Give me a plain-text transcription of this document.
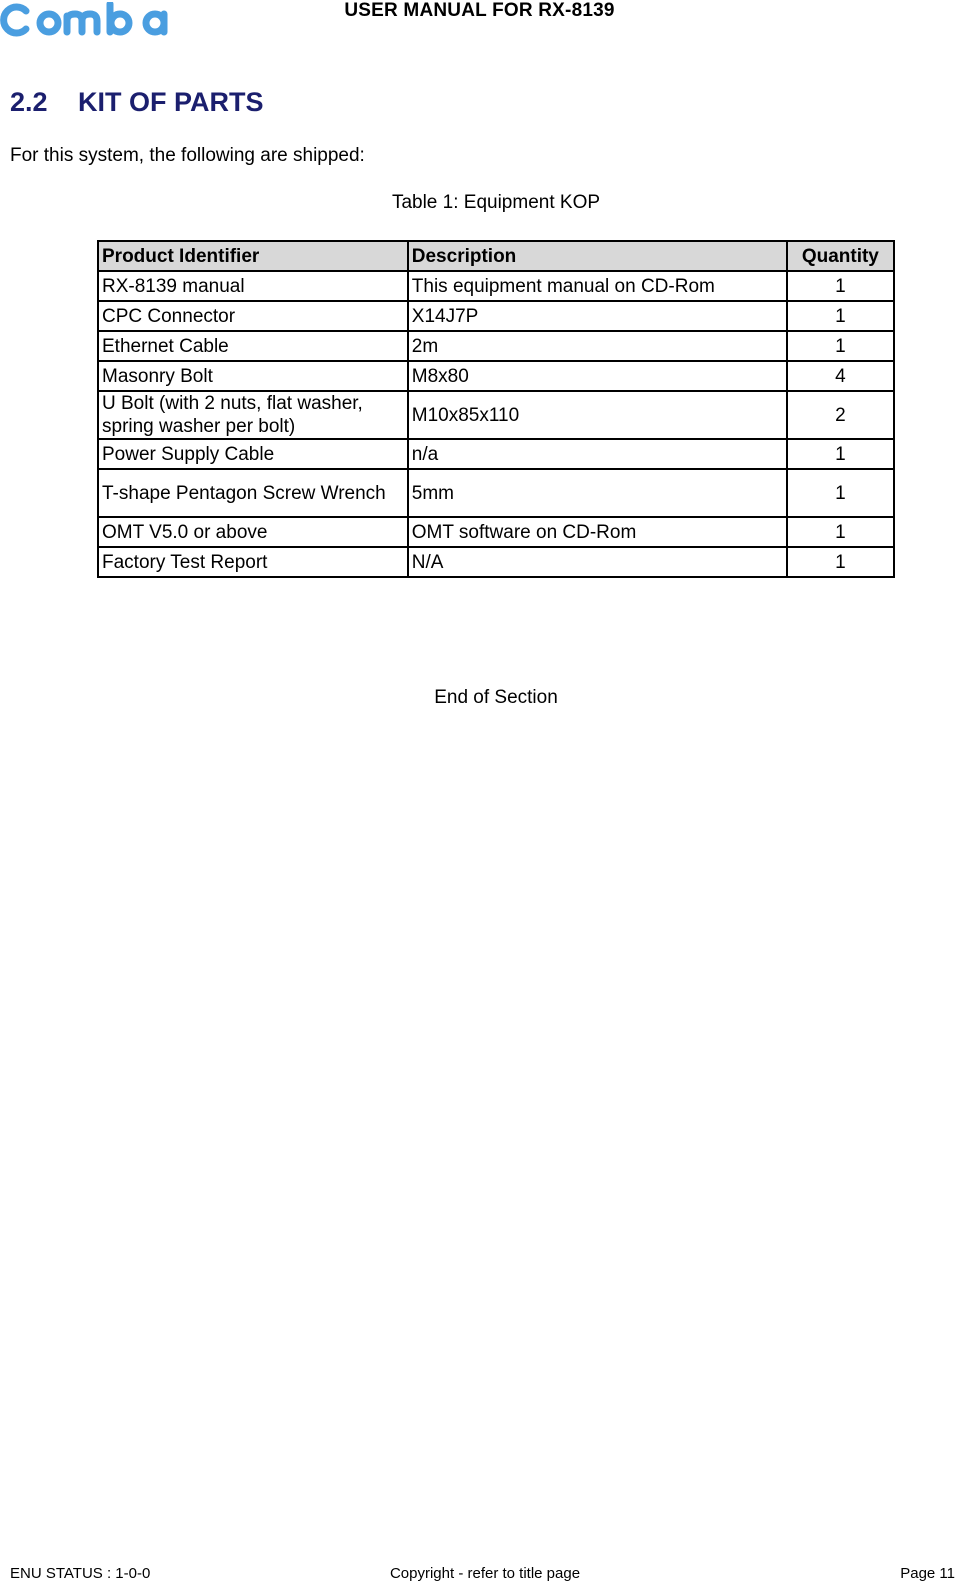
USER MANUAL FOR RX-8139
2.2 KIT OF PARTS
For this system, the following are shipped:
Table 1: Equipment KOP
Product Identifier	Description	Quantity
RX-8139 manual	This equipment manual on CD-Rom	1
CPC Connector	X14J7P	1
Ethernet Cable	2m	1
Masonry Bolt	M8x80	4
U Bolt (with 2 nuts, flat washer, spring washer per bolt)	M10x85x110	2
Power Supply Cable	n/a	1
T-shape Pentagon Screw Wrench	5mm	1
OMT V5.0 or above	OMT software on CD-Rom	1
Factory Test Report	N/A	1
End of Section
ENU STATUS : 1-0-0	Copyright - refer to title page	Page 11
